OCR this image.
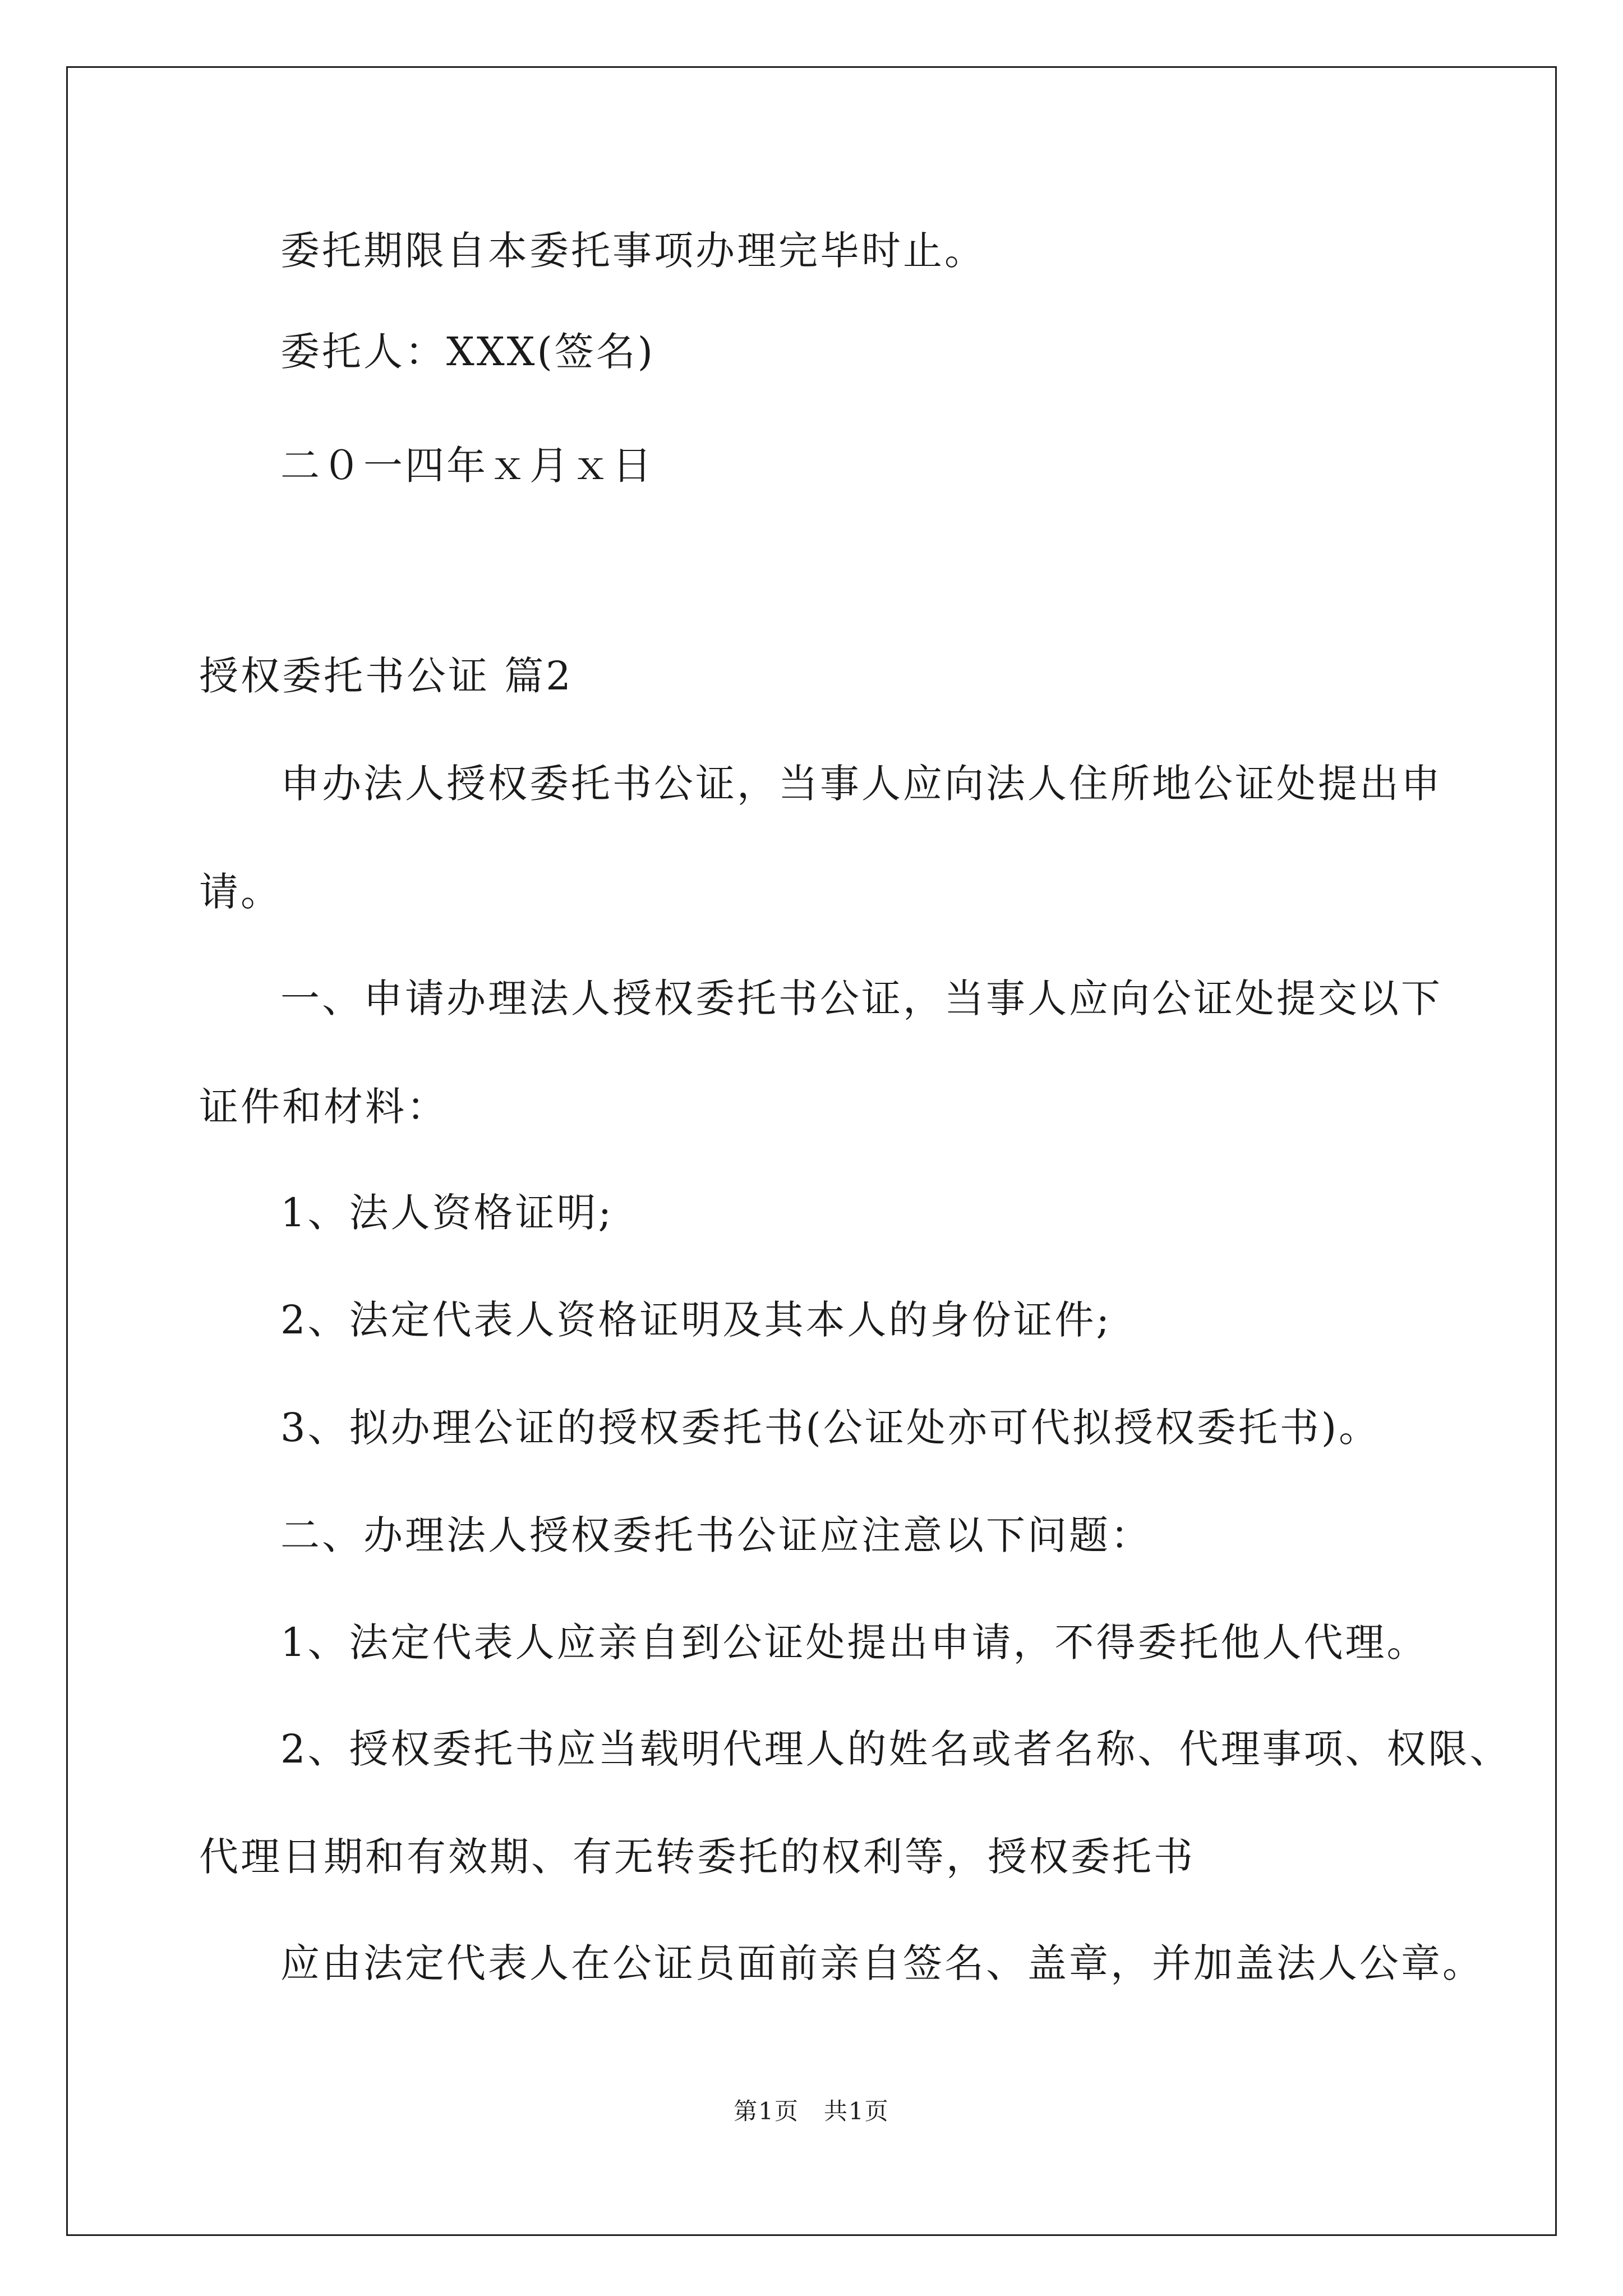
委托期限自本委托事项办理完毕时止。
委托人：XXX(签名)
二０一四年ｘ月ｘ日
授权委托书公证 篇2
申办法人授权委托书公证，当事人应向法人住所地公证处提出申
请。
一、申请办理法人授权委托书公证，当事人应向公证处提交以下
证件和材料：
1、法人资格证明;
2、法定代表人资格证明及其本人的身份证件;
3、拟办理公证的授权委托书(公证处亦可代拟授权委托书)。
二、办理法人授权委托书公证应注意以下问题：
1、法定代表人应亲自到公证处提出申请，不得委托他人代理。
2、授权委托书应当载明代理人的姓名或者名称、代理事项、权限、
代理日期和有效期、有无转委托的权利等，授权委托书
应由法定代表人在公证员面前亲自签名、盖章，并加盖法人公章。
第1页　共1页
